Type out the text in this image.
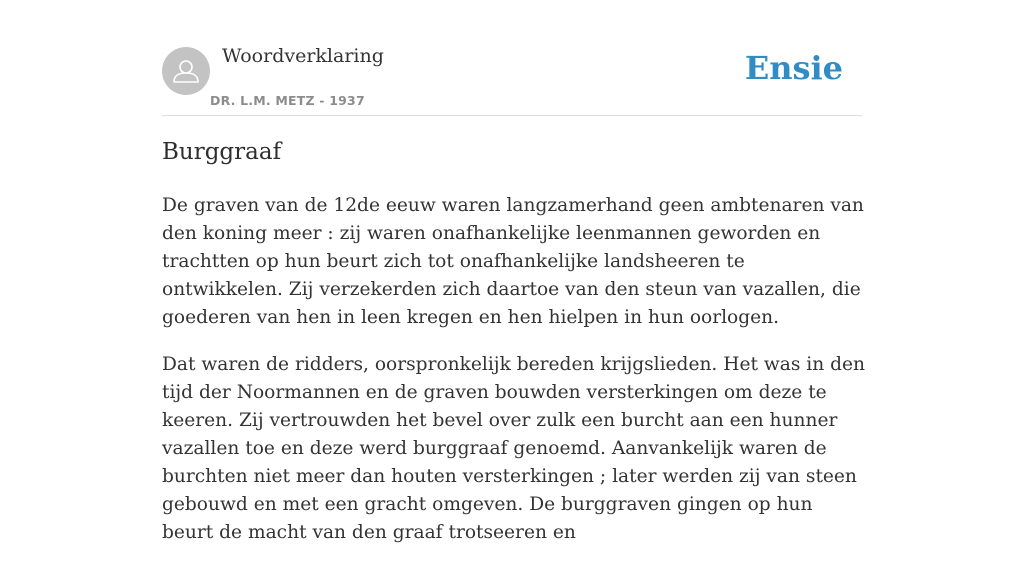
Woordverklaring
DR. L.M. METZ - 1937
Ensie
Burggraaf

De graven van de 12de eeuw waren langzamerhand geen ambtenaren van den koning meer : zij waren onafhankelijke leenmannen geworden en trachtten op hun beurt zich tot onafhankelijke landsheeren te ontwikkelen. Zij verzekerden zich daartoe van den steun van vazallen, die goederen van hen in leen kregen en hen hielpen in hun oorlogen.

Dat waren de ridders, oorspronkelijk bereden krijgslieden. Het was in den tijd der Noormannen en de graven bouwden versterkingen om deze te keeren. Zij vertrouwden het bevel over zulk een burcht aan een hunner vazallen toe en deze werd burggraaf genoemd. Aanvankelijk waren de burchten niet meer dan houten versterkingen ; later werden zij van steen gebouwd en met een gracht omgeven. De burggraven gingen op hun beurt de macht van den graaf trotseeren en
